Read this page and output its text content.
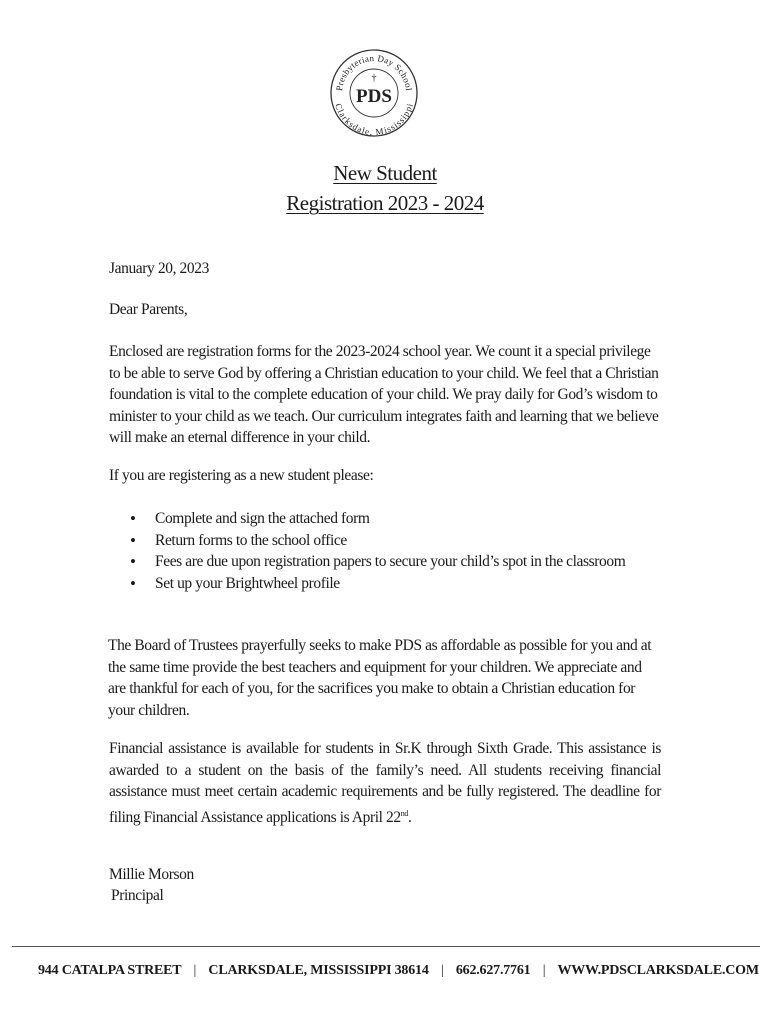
Presbyterian Day School
Clarksdale, Mississippi
†
PDS
New Student
Registration 2023 - 2024
January 20, 2023
Dear Parents,
Enclosed are registration forms for the 2023-2024 school year. We count it a special privilege to be able to serve God by offering a Christian education to your child. We feel that a Christian foundation is vital to the complete education of your child. We pray daily for God’s wisdom to minister to your child as we teach. Our curriculum integrates faith and learning that we believe will make an eternal difference in your child.
If you are registering as a new student please:
• Complete and sign the attached form
• Return forms to the school office
• Fees are due upon registration papers to secure your child’s spot in the classroom
• Set up your Brightwheel profile
The Board of Trustees prayerfully seeks to make PDS as affordable as possible for you and at the same time provide the best teachers and equipment for your children. We appreciate and are thankful for each of you, for the sacrifices you make to obtain a Christian education for your children.
Financial assistance is available for students in Sr.K through Sixth Grade. This assistance is awarded to a student on the basis of the family’s need. All students receiving financial assistance must meet certain academic requirements and be fully registered. The deadline for filing Financial Assistance applications is April 22nd.
Millie Morson
Principal
944 CATALPA STREET | CLARKSDALE, MISSISSIPPI 38614 | 662.627.7761 | WWW.PDSCLARKSDALE.COM
